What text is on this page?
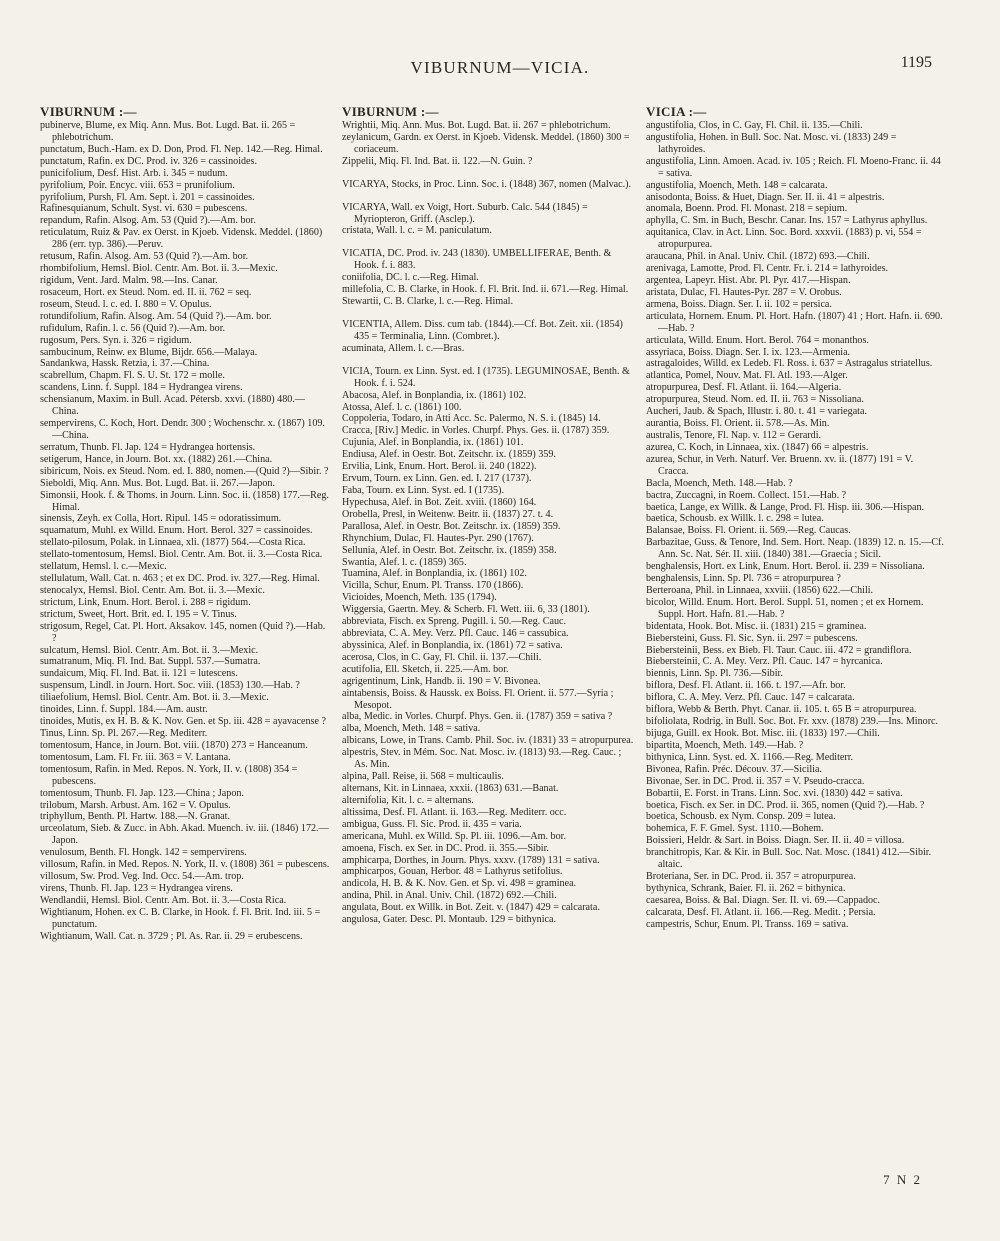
VIBURNUM—VICIA.	1195
VIBURNUM :—
pubinerve, Blume, ex Miq. Ann. Mus. Bot. Lugd. Bat. ii. 265 = phlebotrichum.
punctatum, Buch.-Ham. ex D. Don, Prod. Fl. Nep. 142.—Reg. Himal.
punctatum, Rafin. ex DC. Prod. iv. 326 = cassinoides.
punicifolium, Desf. Hist. Arb. i. 345 = nudum.
pyrifolium, Poir. Encyc. viii. 653 = prunifolium.
pyrifolium, Pursh, Fl. Am. Sept. i. 201 = cassinoides.
Rafinesquianum, Schult. Syst. vi. 630 = pubescens.
repandum, Rafin. Alsog. Am. 53 (Quid ?).—Am. bor.
reticulatum, Ruiz & Pav. ex Oerst. in Kjoeb. Vidensk. Meddel. (1860) 286 (err. typ. 386).—Peruv.
retusum, Rafin. Alsog. Am. 53 (Quid ?).—Am. bor.
rhombifolium, Hemsl. Biol. Centr. Am. Bot. ii. 3.—Mexic.
rigidum, Vent. Jard. Malm. 98.—Ins. Canar.
rosaceum, Hort. ex Steud. Nom. ed. II. ii. 762 = seq.
roseum, Steud. l. c. ed. I. 880 = V. Opulus.
rotundifolium, Rafin. Alsog. Am. 54 (Quid ?).—Am. bor.
rufidulum, Rafin. l. c. 56 (Quid ?).—Am. bor.
rugosum, Pers. Syn. i. 326 = rigidum.
sambucinum, Reinw. ex Blume, Bijdr. 656.—Malaya.
Sandankwa, Hassk. Retzia, i. 37.—China.
scabrellum, Chapm. Fl. S. U. St. 172 = molle.
scandens, Linn. f. Suppl. 184 = Hydrangea virens.
schensianum, Maxim. in Bull. Acad. Pétersb. xxvi. (1880) 480.—China.
sempervirens, C. Koch, Hort. Dendr. 300 ; Wochenschr. x. (1867) 109.—China.
serratum, Thunb. Fl. Jap. 124 = Hydrangea hortensis.
setigerum, Hance, in Journ. Bot. xx. (1882) 261.—China.
sibiricum, Nois. ex Steud. Nom. ed. I. 880, nomen.—(Quid ?)—Sibir. ?
Sieboldi, Miq. Ann. Mus. Bot. Lugd. Bat. ii. 267.—Japon.
Simonsii, Hook. f. & Thoms. in Journ. Linn. Soc. ii. (1858) 177.—Reg. Himal.
sinensis, Zeyh. ex Colla, Hort. Ripul. 145 = odoratissimum.
squamatum, Muhl. ex Willd. Enum. Hort. Berol. 327 = cassinoides.
stellato-pilosum, Polak. in Linnaea, xli. (1877) 564.—Costa Rica.
stellato-tomentosum, Hemsl. Biol. Centr. Am. Bot. ii. 3.—Costa Rica.
stellatum, Hemsl. l. c.—Mexic.
stellulatum, Wall. Cat. n. 463 ; et ex DC. Prod. iv. 327.—Reg. Himal.
stenocalyx, Hemsl. Biol. Centr. Am. Bot. ii. 3.—Mexic.
strictum, Link, Enum. Hort. Berol. i. 288 = rigidum.
strictum, Sweet, Hort. Brit. ed. I. 195 = V. Tinus.
strigosum, Regel, Cat. Pl. Hort. Aksakov. 145, nomen (Quid ?).—Hab. ?
sulcatum, Hemsl. Biol. Centr. Am. Bot. ii. 3.—Mexic.
sumatranum, Miq. Fl. Ind. Bat. Suppl. 537.—Sumatra.
sundaicum, Miq. Fl. Ind. Bat. ii. 121 = lutescens.
suspensum, Lindl. in Journ. Hort. Soc. viii. (1853) 130.—Hab. ?
tiliaefolium, Hemsl. Biol. Centr. Am. Bot. ii. 3.—Mexic.
tinoides, Linn. f. Suppl. 184.—Am. austr.
tinoides, Mutis, ex H. B. & K. Nov. Gen. et Sp. iii. 428 = ayavacense ?
Tinus, Linn. Sp. Pl. 267.—Reg. Mediterr.
tomentosum, Hance, in Journ. Bot. viii. (1870) 273 = Hanceanum.
tomentosum, Lam. Fl. Fr. iii. 363 = V. Lantana.
tomentosum, Rafin. in Med. Repos. N. York, II. v. (1808) 354 = pubescens.
tomentosum, Thunb. Fl. Jap. 123.—China ; Japon.
trilobum, Marsh. Arbust. Am. 162 = V. Opulus.
triphyllum, Benth. Pl. Hartw. 188.—N. Granat.
urceolatum, Sieb. & Zucc. in Abh. Akad. Muench. iv. iii. (1846) 172.—Japon.
venulosum, Benth. Fl. Hongk. 142 = sempervirens.
villosum, Rafin. in Med. Repos. N. York, II. v. (1808) 361 = pubescens.
villosum, Sw. Prod. Veg. Ind. Occ. 54.—Am. trop.
virens, Thunb. Fl. Jap. 123 = Hydrangea virens.
Wendlandii, Hemsl. Biol. Centr. Am. Bot. ii. 3.—Costa Rica.
Wightianum, Hohen. ex C. B. Clarke, in Hook. f. Fl. Brit. Ind. iii. 5 = punctatum.
Wightianum, Wall. Cat. n. 3729 ; Pl. As. Rar. ii. 29 = erubescens.
VIBURNUM :—
Wrightii, Miq. Ann. Mus. Bot. Lugd. Bat. ii. 267 = phlebotrichum.
zeylanicum, Gardn. ex Oerst. in Kjoeb. Vidensk. Meddel. (1860) 300 = coriaceum.
Zippelii, Miq. Fl. Ind. Bat. ii. 122.—N. Guin. ?
VICARYA, Stocks, in Proc. Linn. Soc. i. (1848) 367, nomen (Malvac.).
VICARYA, Wall. ex Voigt, Hort. Suburb. Calc. 544 (1845) = Myriopteron, Griff. (Asclep.).
cristata, Wall. l. c. = M. paniculatum.
VICATIA, DC. Prod. iv. 243 (1830). UMBELLIFERAE, Benth. & Hook. f. i. 883.
coniifolia, DC. l. c.—Reg. Himal.
millefolia, C. B. Clarke, in Hook. f. Fl. Brit. Ind. ii. 671.—Reg. Himal.
Stewartii, C. B. Clarke, l. c.—Reg. Himal.
VICENTIA, Allem. Diss. cum tab. (1844).—Cf. Bot. Zeit. xii. (1854) 435 = Terminalia, Linn. (Combret.).
acuminata, Allem. l. c.—Bras.
VICIA, Tourn. ex Linn. Syst. ed. I (1735). LEGUMINOSAE, Benth. & Hook. f. i. 524.
Abacosa, Alef. in Bonplandia, ix. (1861) 102.
Atossa, Alef. l. c. (1861) 100.
Coppoleria, Todaro, in Atti Acc. Sc. Palermo, N. S. i. (1845) 14.
Cracca, [Riv.] Medic. in Vorles. Churpf. Phys. Ges. ii. (1787) 359.
Cujunia, Alef. in Bonplandia, ix. (1861) 101.
Endiusa, Alef. in Oestr. Bot. Zeitschr. ix. (1859) 359.
Ervilia, Link, Enum. Hort. Berol. ii. 240 (1822).
Ervum, Tourn. ex Linn. Gen. ed. I. 217 (1737).
Faba, Tourn. ex Linn. Syst. ed. I (1735).
Hypechusa, Alef. in Bot. Zeit. xviii. (1860) 164.
Orobella, Presl, in Weitenw. Beitr. ii. (1837) 27. t. 4.
Parallosa, Alef. in Oestr. Bot. Zeitschr. ix. (1859) 359.
Rhynchium, Dulac, Fl. Hautes-Pyr. 290 (1767).
Sellunia, Alef. in Oestr. Bot. Zeitschr. ix. (1859) 358.
Swantia, Alef. l. c. (1859) 365.
Tuamina, Alef. in Bonplandia, ix. (1861) 102.
Vicilla, Schur, Enum. Pl. Transs. 170 (1866).
Vicioides, Moench, Meth. 135 (1794).
Wiggersia, Gaertn. Mey. & Scherb. Fl. Wett. iii. 6, 33 (1801).
abbreviata, Fisch. ex Spreng. Pugill. i. 50.—Reg. Cauc.
abbreviata, C. A. Mey. Verz. Pfl. Cauc. 146 = cassubica.
abyssinica, Alef. in Bonplandia, ix. (1861) 72 = sativa.
acerosa, Clos, in C. Gay, Fl. Chil. ii. 137.—Chili.
acutifolia, Ell. Sketch, ii. 225.—Am. bor.
agrigentinum, Link, Handb. ii. 190 = V. Bivonea.
aintabensis, Boiss. & Haussk. ex Boiss. Fl. Orient. ii. 577.—Syria ; Mesopot.
alba, Medic. in Vorles. Churpf. Phys. Gen. ii. (1787) 359 = sativa ?
alba, Moench, Meth. 148 = sativa.
albicans, Lowe, in Trans. Camb. Phil. Soc. iv. (1831) 33 = atropurpurea.
alpestris, Stev. in Mém. Soc. Nat. Mosc. iv. (1813) 93.—Reg. Cauc. ; As. Min.
alpina, Pall. Reise, ii. 568 = multicaulis.
alternans, Kit. in Linnaea, xxxii. (1863) 631.—Banat.
alternifolia, Kit. l. c. = alternans.
altissima, Desf. Fl. Atlant. ii. 163.—Reg. Mediterr. occ.
ambigua, Guss. Fl. Sic. Prod. ii. 435 = varia.
americana, Muhl. ex Willd. Sp. Pl. iii. 1096.—Am. bor.
amoena, Fisch. ex Ser. in DC. Prod. ii. 355.—Sibir.
amphicarpa, Dorthes, in Journ. Phys. xxxv. (1789) 131 = sativa.
amphicarpos, Gouan, Herbor. 48 = Lathyrus setifolius.
andicola, H. B. & K. Nov. Gen. et Sp. vi. 498 = graminea.
andina, Phil. in Anal. Univ. Chil. (1872) 692.—Chili.
angulata, Bout. ex Willk. in Bot. Zeit. v. (1847) 429 = calcarata.
angulosa, Gater. Desc. Pl. Montaub. 129 = bithynica.
VICIA :—
angustifolia, Clos, in C. Gay, Fl. Chil. ii. 135.—Chili.
angustifolia, Hohen. in Bull. Soc. Nat. Mosc. vi. (1833) 249 = lathyroides.
angustifolia, Linn. Amoen. Acad. iv. 105 ; Reich. Fl. Moeno-Franc. ii. 44 = sativa.
angustifolia, Moench, Meth. 148 = calcarata.
anisodonta, Boiss. & Huet, Diagn. Ser. II. ii. 41 = alpestris.
anomala, Boenn. Prod. Fl. Monast. 218 = sepium.
aphylla, C. Sm. in Buch, Beschr. Canar. Ins. 157 = Lathyrus aphyllus.
aquitanica, Clav. in Act. Linn. Soc. Bord. xxxvii. (1883) p. vi, 554 = atropurpurea.
araucana, Phil. in Anal. Univ. Chil. (1872) 693.—Chili.
arenivaga, Lamotte, Prod. Fl. Centr. Fr. i. 214 = lathyroides.
argentea, Lapeyr. Hist. Abr. Pl. Pyr. 417.—Hispan.
aristata, Dulac, Fl. Hautes-Pyr. 287 = V. Orobus.
armena, Boiss. Diagn. Ser. I. ii. 102 = persica.
articulata, Hornem. Enum. Pl. Hort. Hafn. (1807) 41 ; Hort. Hafn. ii. 690.—Hab. ?
articulata, Willd. Enum. Hort. Berol. 764 = monanthos.
assyriaca, Boiss. Diagn. Ser. I. ix. 123.—Armenia.
astragaloides, Willd. ex Ledeb. Fl. Ross. i. 637 = Astragalus striatellus.
atlantica, Pomel, Nouv. Mat. Fl. Atl. 193.—Alger.
atropurpurea, Desf. Fl. Atlant. ii. 164.—Algeria.
atropurpurea, Steud. Nom. ed. II. ii. 763 = Nissoliana.
Aucheri, Jaub. & Spach, Illustr. i. 80. t. 41 = variegata.
aurantia, Boiss. Fl. Orient. ii. 578.—As. Min.
australis, Tenore, Fl. Nap. v. 112 = Gerardi.
azurea, C. Koch, in Linnaea, xix. (1847) 66 = alpestris.
azurea, Schur, in Verh. Naturf. Ver. Bruenn. xv. ii. (1877) 191 = V. Cracca.
Bacla, Moench, Meth. 148.—Hab. ?
bactra, Zuccagni, in Roem. Collect. 151.—Hab. ?
baetica, Lange, ex Willk. & Lange, Prod. Fl. Hisp. iii. 306.—Hispan.
baetica, Schousb. ex Willk. l. c. 298 = lutea.
Balansae, Boiss. Fl. Orient. ii. 569.—Reg. Caucas.
Barbazitae, Guss. & Tenore, Ind. Sem. Hort. Neap. (1839) 12. n. 15.—Cf. Ann. Sc. Nat. Sér. II. xiii. (1840) 381.—Graecia ; Sicil.
benghalensis, Hort. ex Link, Enum. Hort. Berol. ii. 239 = Nissoliana.
benghalensis, Linn. Sp. Pl. 736 = atropurpurea ?
Berteroana, Phil. in Linnaea, xxviii. (1856) 622.—Chili.
bicolor, Willd. Enum. Hort. Berol. Suppl. 51, nomen ; et ex Hornem. Suppl. Hort. Hafn. 81.—Hab. ?
bidentata, Hook. Bot. Misc. ii. (1831) 215 = graminea.
Biebersteini, Guss. Fl. Sic. Syn. ii. 297 = pubescens.
Biebersteinii, Bess. ex Bieb. Fl. Taur. Cauc. iii. 472 = grandiflora.
Biebersteinii, C. A. Mey. Verz. Pfl. Cauc. 147 = hyrcanica.
biennis, Linn. Sp. Pl. 736.—Sibir.
biflora, Desf. Fl. Atlant. ii. 166. t. 197.—Afr. bor.
biflora, C. A. Mey. Verz. Pfl. Cauc. 147 = calcarata.
biflora, Webb & Berth. Phyt. Canar. ii. 105. t. 65 B = atropurpurea.
bifoliolata, Rodrig. in Bull. Soc. Bot. Fr. xxv. (1878) 239.—Ins. Minorc.
bijuga, Guill. ex Hook. Bot. Misc. iii. (1833) 197.—Chili.
bipartita, Moench, Meth. 149.—Hab. ?
bithynica, Linn. Syst. ed. X. 1166.—Reg. Mediterr.
Bivonea, Rafin. Préc. Découv. 37.—Sicilia.
Bivonae, Ser. in DC. Prod. ii. 357 = V. Pseudo-cracca.
Bobartii, E. Forst. in Trans. Linn. Soc. xvi. (1830) 442 = sativa.
boetica, Fisch. ex Ser. in DC. Prod. ii. 365, nomen (Quid ?).—Hab. ?
boetica, Schousb. ex Nym. Consp. 209 = lutea.
bohemica, F. F. Gmel. Syst. 1110.—Bohem.
Boissieri, Heldr. & Sart. in Boiss. Diagn. Ser. II. ii. 40 = villosa.
branchitropis, Kar. & Kir. in Bull. Soc. Nat. Mosc. (1841) 412.—Sibir. altaic.
Broteriana, Ser. in DC. Prod. ii. 357 = atropurpurea.
bythynica, Schrank, Baier. Fl. ii. 262 = bithynica.
caesarea, Boiss. & Bal. Diagn. Ser. II. vi. 69.—Cappadoc.
calcarata, Desf. Fl. Atlant. ii. 166.—Reg. Medit. ; Persia.
campestris, Schur, Enum. Pl. Transs. 169 = sativa.
7 N 2
